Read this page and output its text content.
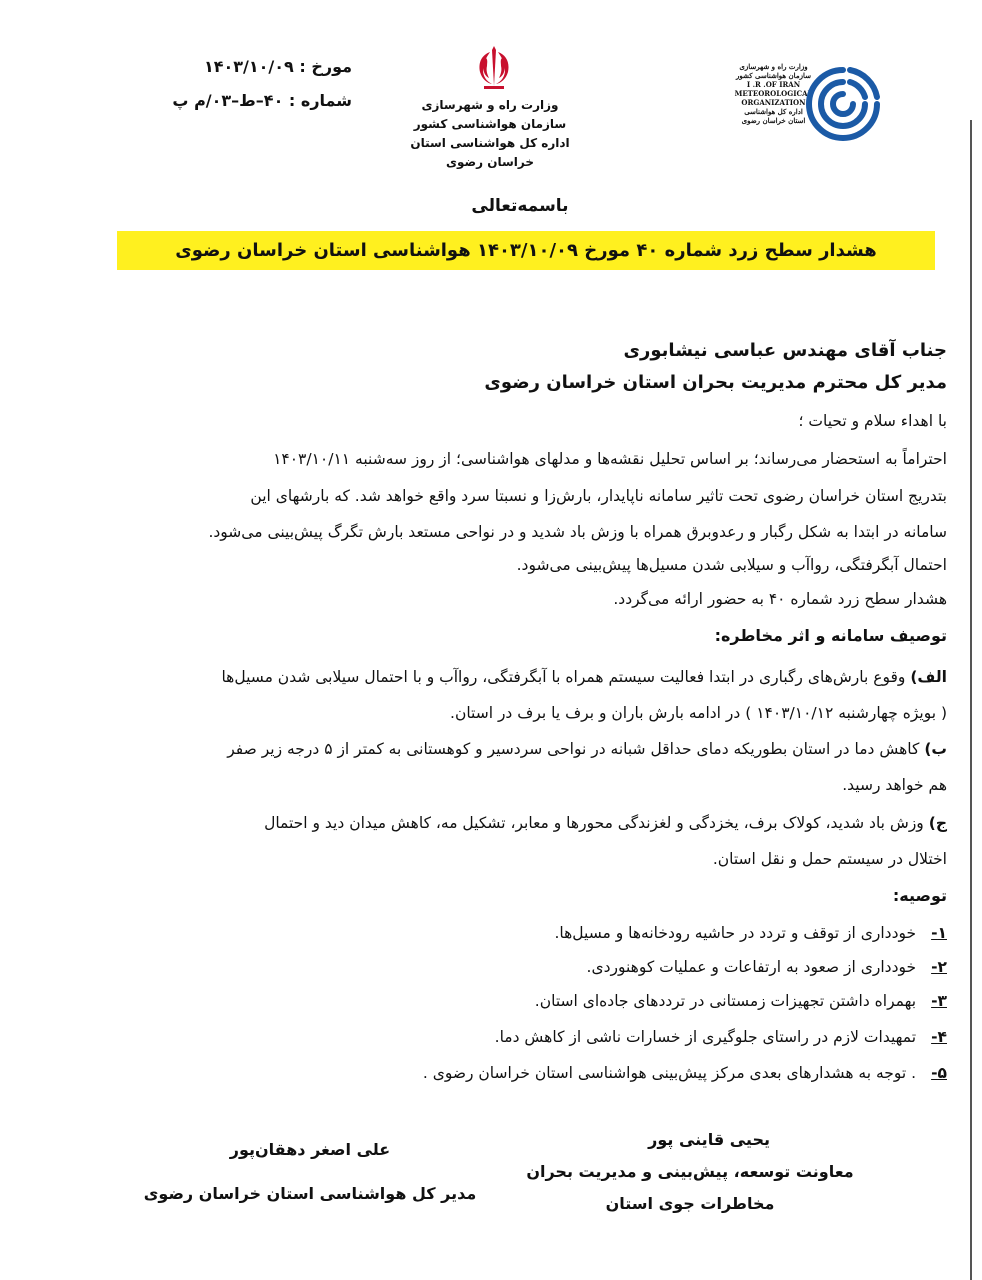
مورخ : ۱۴۰۳/۱۰/۰۹
شماره : ۴۰–ط–۰۳/م پ	وزارت راه و شهرسازی
سازمان هواشناسی کشور
اداره کل هواشناسی استان خراسان رضوی
وزارت راه و شهرسازی
سازمان هواشناسی کشور
I .R .OF IRAN
METEOROLOGICAL
ORGANIZATION
اداره کل هواشناسی
استان خراسان رضوی
باسمه‌تعالی
هشدار سطح زرد شماره ۴۰ مورخ ۱۴۰۳/۱۰/۰۹ هواشناسی استان خراسان رضوی
جناب آقای مهندس عباسی نیشابوری
مدیر کل محترم مدیریت بحران استان خراسان رضوی
با اهداء سلام و تحیات ؛
احتراماً به استحضار می‌رساند؛ بر اساس تحلیل نقشه‌ها و مدلهای هواشناسی؛ از روز سه‌شنبه ۱۴۰۳/۱۰/۱۱
بتدریج استان خراسان رضوی تحت تاثیر سامانه ناپایدار، بارش‌زا و نسبتا سرد واقع خواهد شد. که بارشهای این
سامانه در ابتدا به شکل رگبار و رعدوبرق همراه با وزش باد شدید و در نواحی مستعد بارش تگرگ پیش‌بینی می‌شود.
احتمال آبگرفتگی، رواآب و سیلابی شدن مسیل‌ها پیش‌بینی می‌شود.
هشدار سطح زرد شماره ۴۰ به حضور ارائه می‌گردد.
توصیف سامانه و اثر مخاطره:
الف) وقوع بارش‌های رگباری در ابتدا فعالیت سیستم همراه با آبگرفتگی، رواآب و با احتمال سیلابی شدن مسیل‌ها
( بویژه چهارشنبه ۱۴۰۳/۱۰/۱۲ ) در ادامه بارش باران و برف یا برف در استان.
ب) کاهش دما در استان بطوریکه دمای حداقل شبانه در نواحی سردسیر و کوهستانی به کمتر از ۵ درجه زیر صفر
هم خواهد رسید.
ج) وزش باد شدید، کولاک برف، یخزدگی و لغزندگی محورها و معابر، تشکیل مه، کاهش میدان دید و احتمال
اختلال در سیستم حمل و نقل استان.
توصیه:
۱- خودداری از توقف و تردد در حاشیه رودخانه‌ها و مسیل‌ها.
۲- خودداری از صعود به ارتفاعات و عملیات کوهنوردی.
۳- بهمراه داشتن تجهیزات زمستانی در ترددهای جاده‌ای استان.
۴- تمهیدات لازم در راستای جلوگیری از خسارات ناشی از کاهش دما.
۵- . توجه به هشدارهای بعدی مرکز پیش‌بینی هواشناسی استان خراسان رضوی .
یحیی قاینی پور
معاونت توسعه، پیش‌بینی و مدیریت بحران
مخاطرات جوی استان
علی اصغر دهقان‌پور
مدیر کل هواشناسی استان خراسان رضوی
